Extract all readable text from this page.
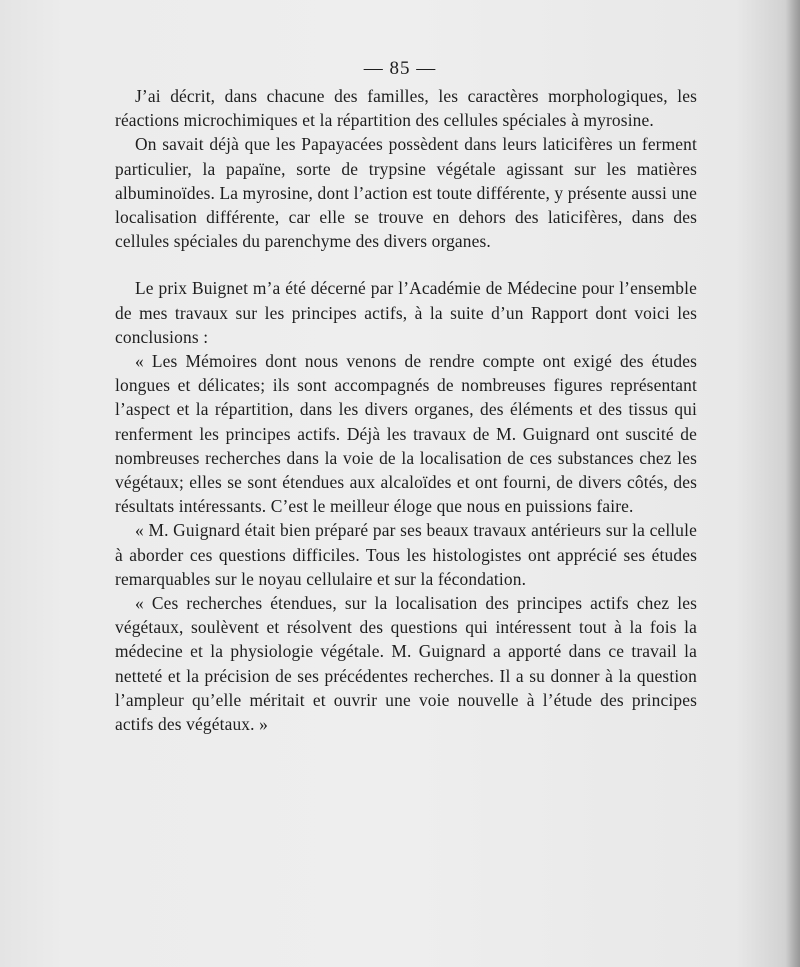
— 85 —

J’ai décrit, dans chacune des familles, les caractères morphologiques, les réactions microchimiques et la répartition des cellules spéciales à myrosine.

On savait déjà que les Papayacées possèdent dans leurs laticifères un ferment particulier, la papaïne, sorte de trypsine végétale agissant sur les matières albuminoïdes. La myrosine, dont l’action est toute différente, y présente aussi une localisation différente, car elle se trouve en dehors des laticifères, dans des cellules spéciales du parenchyme des divers organes.

Le prix Buignet m’a été décerné par l’Académie de Médecine pour l’ensemble de mes travaux sur les principes actifs, à la suite d’un Rapport dont voici les conclusions :

« Les Mémoires dont nous venons de rendre compte ont exigé des études longues et délicates; ils sont accompagnés de nombreuses figures représentant l’aspect et la répartition, dans les divers organes, des éléments et des tissus qui renferment les principes actifs. Déjà les travaux de M. Guignard ont suscité de nombreuses recherches dans la voie de la localisation de ces substances chez les végétaux; elles se sont étendues aux alcaloïdes et ont fourni, de divers côtés, des résultats intéressants. C’est le meilleur éloge que nous en puissions faire.

« M. Guignard était bien préparé par ses beaux travaux antérieurs sur la cellule à aborder ces questions difficiles. Tous les histologistes ont apprécié ses études remarquables sur le noyau cellulaire et sur la fécondation.

« Ces recherches étendues, sur la localisation des principes actifs chez les végétaux, soulèvent et résolvent des questions qui intéressent tout à la fois la médecine et la physiologie végétale. M. Guignard a apporté dans ce travail la netteté et la précision de ses précédentes recherches. Il a su donner à la question l’ampleur qu’elle méritait et ouvrir une voie nouvelle à l’étude des principes actifs des végétaux. »
